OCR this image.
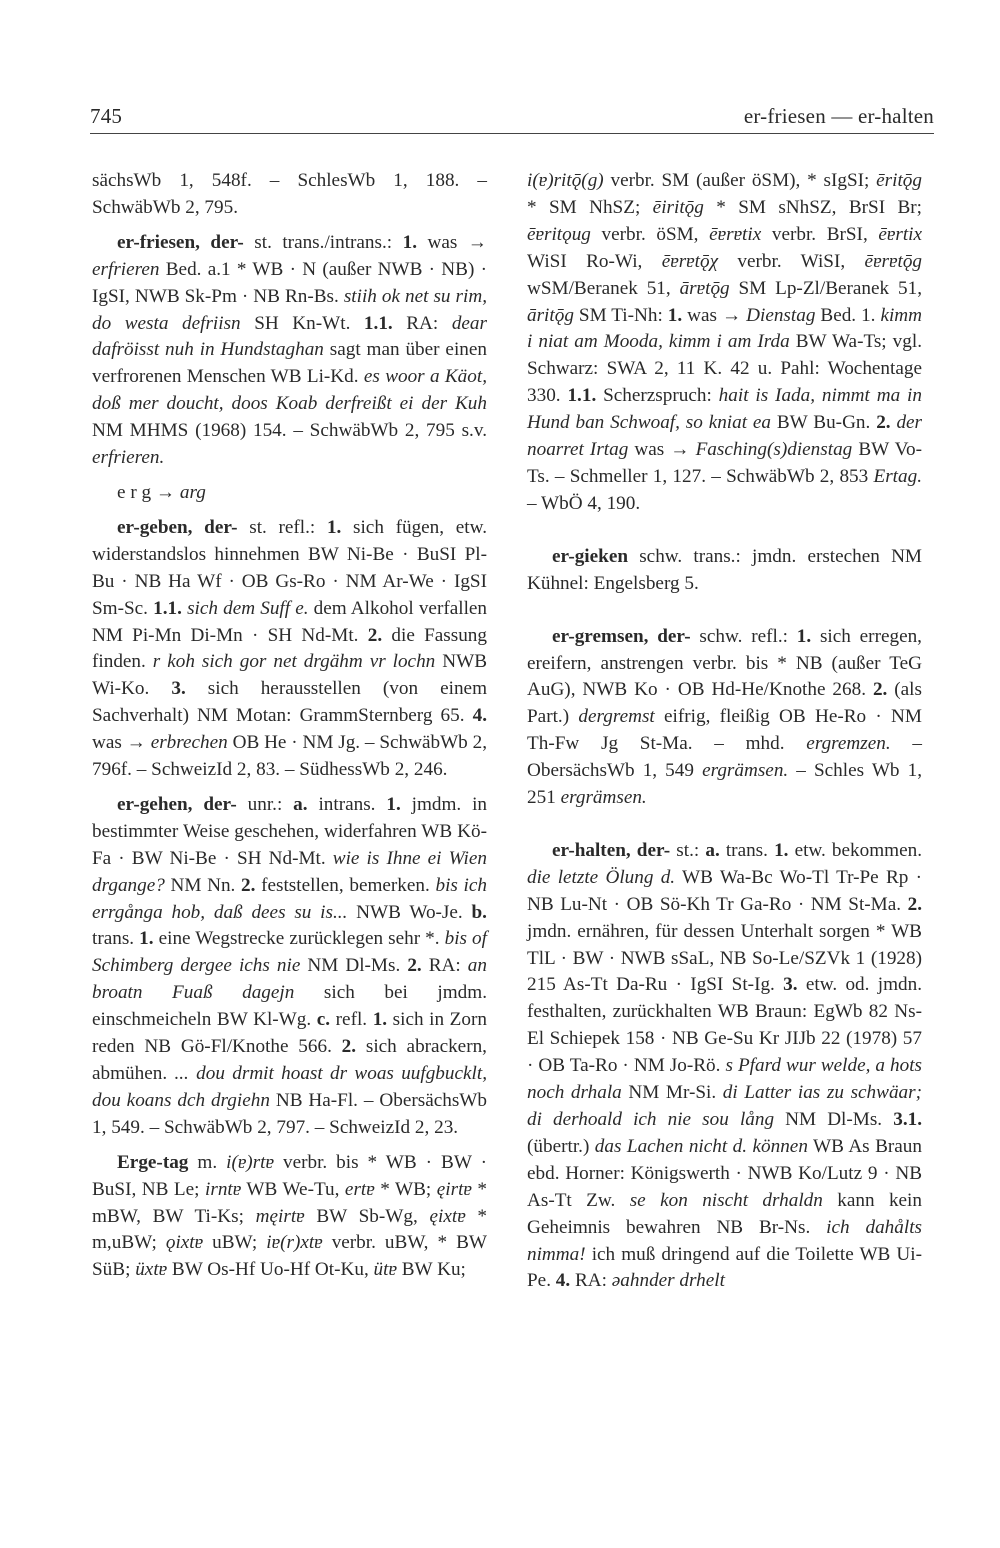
745	er-friesen — er-halten

sächsWb 1, 548f. – SchlesWb 1, 188. – SchwäbWb 2, 795.

er-friesen, der- st. trans./intrans.: 1. was → erfrieren Bed. a.1 * WB · N (außer NWB · NB) · IgSI, NWB Sk-Pm · NB Rn-Bs. stiih ok net su rim, do westa defriisn SH Kn-Wt. 1.1. RA: dear dafröisst nuh in Hundstaghan sagt man über einen verfrorenen Menschen WB Li-Kd. es woor a Käot, doß mer doucht, doos Koab derfreißt ei der Kuh NM MHMS (1968) 154. – SchwäbWb 2, 795 s.v. erfrieren.

e r g → arg

er-geben, der- st. refl.: 1. sich fügen, etw. widerstandslos hinnehmen BW Ni-Be · BuSI Pl-Bu · NB Ha Wf · OB Gs-Ro · NM Ar-We · IgSI Sm-Sc. 1.1. sich dem Suff e. dem Alkohol verfallen NM Pi-Mn Di-Mn · SH Nd-Mt. 2. die Fassung finden. r koh sich gor net drgähm vr lochn NWB Wi-Ko. 3. sich herausstellen (von einem Sachverhalt) NM Motan: GrammSternberg 65. 4. was → erbrechen OB He · NM Jg. – SchwäbWb 2, 796f. – SchweizId 2, 83. – SüdhessWb 2, 246.

er-gehen, der- unr.: a. intrans. 1. jmdm. in bestimmter Weise geschehen, widerfahren WB Kö-Fa · BW Ni-Be · SH Nd-Mt. wie is Ihne ei Wien drgange? NM Nn. 2. feststellen, bemerken. bis ich errgånga hob, daß dees su is... NWB Wo-Je. b. trans. 1. eine Wegstrecke zurücklegen sehr *. bis of Schimberg dergee ichs nie NM Dl-Ms. 2. RA: an broatn Fuaß dagejn sich bei jmdm. einschmeicheln BW Kl-Wg. c. refl. 1. sich in Zorn reden NB Gö-Fl/Knothe 566. 2. sich abrackern, abmühen. ... dou drmit hoast dr woas uufgbucklt, dou koans dch drgiehn NB Ha-Fl. – ObersächsWb 1, 549. – SchwäbWb 2, 797. – SchweizId 2, 23.

Erge-tag m. i(ɐ)rtɐ verbr. bis * WB · BW · BuSI, NB Le; irntɐ WB We-Tu, ertɐ * WB; ęirtɐ * mBW, BW Ti-Ks; męirtɐ BW Sb-Wg, ęixtɐ * m,uBW; ǫixtɐ uBW; iɐ(r)xtɐ verbr. uBW, * BW SüB; üxtɐ BW Os-Hf Uo-Hf Ot-Ku, ütɐ BW Ku;

i(ɐ)ritǭ(g) verbr. SM (außer öSM), * sIgSI; ēritǭg * SM NhSZ; ēiritǭg * SM sNhSZ, BrSI Br; ēɐritǫug verbr. öSM, ēɐrɐtix verbr. BrSI, ēɐrtix WiSI Ro-Wi, ēɐrɐtǭχ verbr. WiSI, ēɐrɐtǭg wSM/Beranek 51, ārɐtǭg SM Lp-Zl/Beranek 51, āritǭg SM Ti-Nh: 1. was → Dienstag Bed. 1. kimm i niat am Mooda, kimm i am Irda BW Wa-Ts; vgl. Schwarz: SWA 2, 11 K. 42 u. Pahl: Wochentage 330. 1.1. Scherzspruch: hait is Iada, nimmt ma in Hund ban Schwoaf, so kniat ea BW Bu-Gn. 2. der noarret Irtag was → Fasching(s)dienstag BW Vo-Ts. – Schmeller 1, 127. – SchwäbWb 2, 853 Ertag. – WbÖ 4, 190.

er-gieken schw. trans.: jmdn. erstechen NM Kühnel: Engelsberg 5.

er-gremsen, der- schw. refl.: 1. sich erregen, ereifern, anstrengen verbr. bis * NB (außer TeG AuG), NWB Ko · OB Hd-He/Knothe 268. 2. (als Part.) dergremst eifrig, fleißig OB He-Ro · NM Th-Fw Jg St-Ma. – mhd. ergremzen. – ObersächsWb 1, 549 ergrämsen. – Schles Wb 1, 251 ergrämsen.

er-halten, der- st.: a. trans. 1. etw. bekommen. die letzte Ölung d. WB Wa-Bc Wo-Tl Tr-Pe Rp · NB Lu-Nt · OB Sö-Kh Tr Ga-Ro · NM St-Ma. 2. jmdn. ernähren, für dessen Unterhalt sorgen * WB TlL · BW · NWB sSaL, NB So-Le/SZVk 1 (1928) 215 As-Tt Da-Ru · IgSI St-Ig. 3. etw. od. jmdn. festhalten, zurückhalten WB Braun: EgWb 82 Ns-El Schiepek 158 · NB Ge-Su Kr JIJb 22 (1978) 57 · OB Ta-Ro · NM Jo-Rö. s Pfard wur welde, a hots noch drhala NM Mr-Si. di Latter ias zu schwäar; di derhoald ich nie sou lång NM Dl-Ms. 3.1. (übertr.) das Lachen nicht d. können WB As Braun ebd. Horner: Königswerth · NWB Ko/Lutz 9 · NB As-Tt Zw. se kon nischt drhaldn kann kein Geheimnis bewahren NB Br-Ns. ich dahålts nimma! ich muß dringend auf die Toilette WB Ui-Pe. 4. RA: əahnder drhelt
